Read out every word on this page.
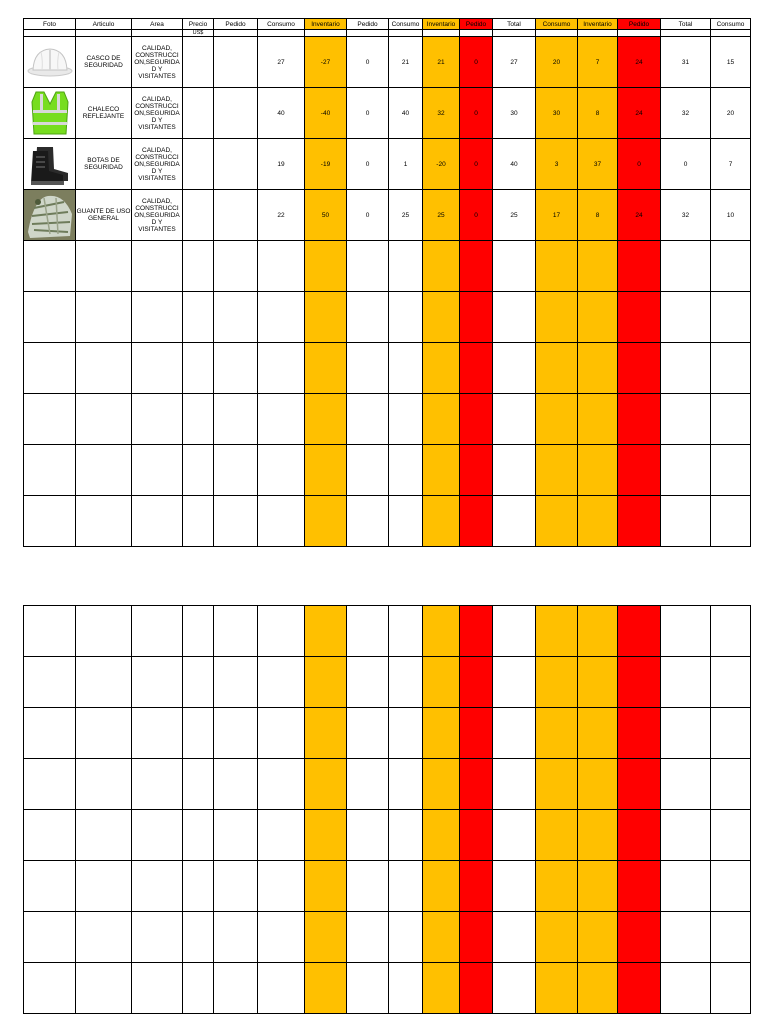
Foto	Articulo	Area	Precio	Pedido	Consumo	Inventario	Pedido	Consumo	Inventario	Pedido	Total	Consumo	Inventario	Pedido	Total	Consumo
			US$													

	CASCO DE SEGURIDAD	CALIDAD,
CONSTRUCCI
ON,SEGURIDA
D Y
VISITANTES			27	-27	0	21	21	0	27	20	7	24	31	15

	CHALECO REFLEJANTE	CALIDAD,
CONSTRUCCI
ON,SEGURIDA
D Y
VISITANTES			40	-40	0	40	32	0	30	30	8	24	32	20

	BOTAS DE SEGURIDAD	CALIDAD,
CONSTRUCCI
ON,SEGURIDA
D Y
VISITANTES			19	-19	0	1	-20	0	40	3	37	0	0	7

	GUANTE DE USO GENERAL	CALIDAD,
CONSTRUCCI
ON,SEGURIDA
D Y
VISITANTES			22	50	0	25	25	0	25	17	8	24	32	10
